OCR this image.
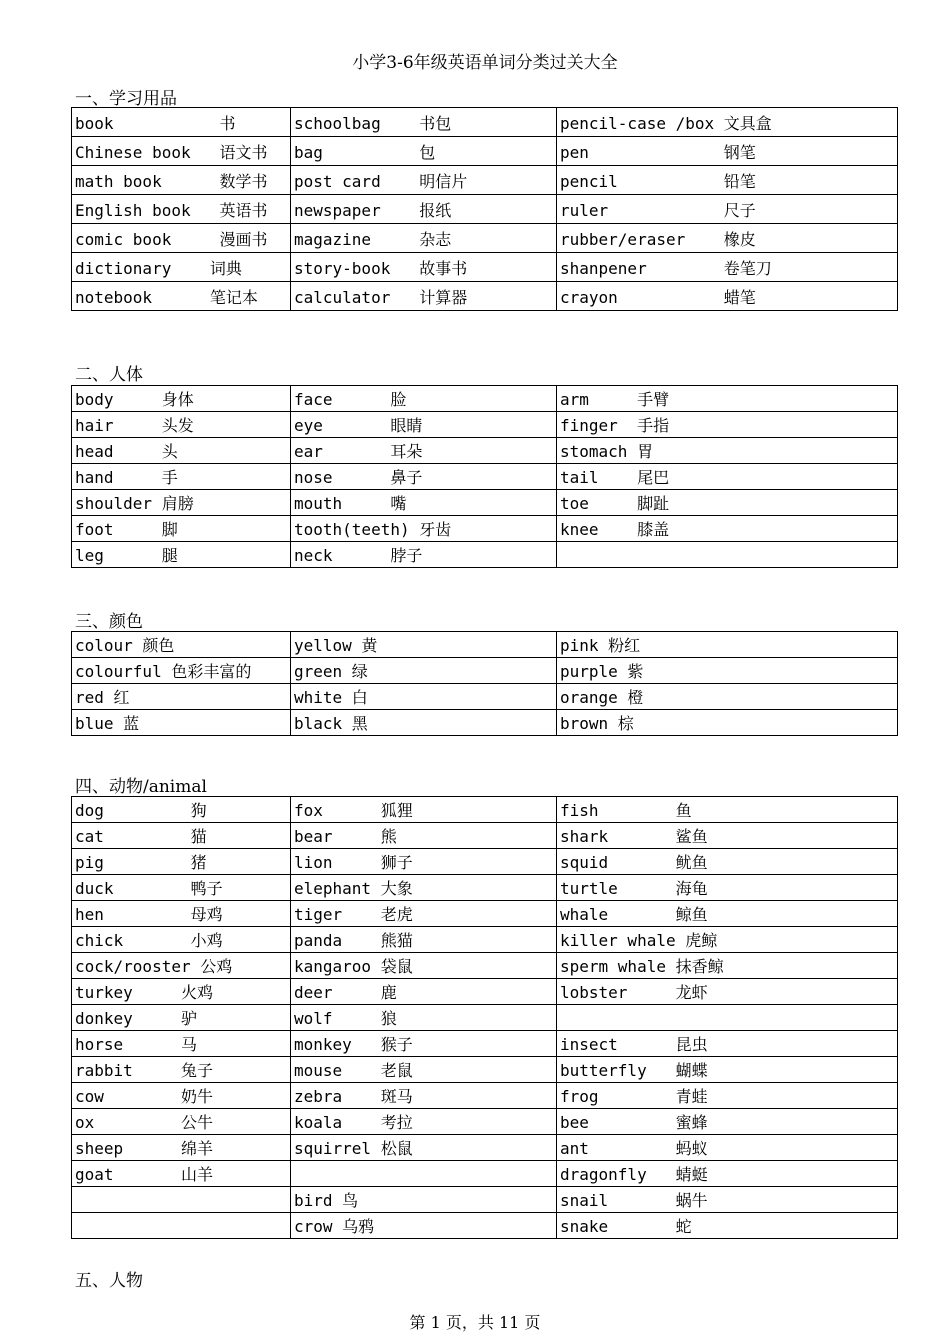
小学3-6年级英语单词分类过关大全
一、学习用品
book           书	schoolbag    书包	pencil-case /box 文具盒
Chinese book   语文书	bag          包	pen              钢笔
math book      数学书	post card    明信片	pencil           铅笔
English book   英语书	newspaper    报纸	ruler            尺子
comic book     漫画书	magazine     杂志	rubber/eraser    橡皮
dictionary    词典	story-book   故事书	shanpener        卷笔刀
notebook      笔记本	calculator   计算器	crayon           蜡笔
二、人体
body     身体	face      脸	arm     手臂
hair     头发	eye       眼睛	finger  手指
head     头	ear       耳朵	stomach 胃
hand     手	nose      鼻子	tail    尾巴
shoulder 肩膀	mouth     嘴	toe     脚趾
foot     脚	tooth(teeth) 牙齿	knee    膝盖
leg      腿	neck      脖子	
三、颜色
colour 颜色	yellow 黄	pink 粉红
colourful 色彩丰富的	green 绿	purple 紫
red 红	white 白	orange 橙
blue 蓝	black 黑	brown 棕
四、动物/animal
dog         狗	fox      狐狸	fish        鱼
cat         猫	bear     熊	shark       鲨鱼
pig         猪	lion     狮子	squid       鱿鱼
duck        鸭子	elephant 大象	turtle      海龟
hen         母鸡	tiger    老虎	whale       鲸鱼
chick       小鸡	panda    熊猫	killer whale 虎鲸
cock/rooster 公鸡	kangaroo 袋鼠	sperm whale 抹香鲸
turkey     火鸡	deer     鹿	lobster     龙虾
donkey     驴	wolf     狼	
horse      马	monkey   猴子	insect      昆虫
rabbit     兔子	mouse    老鼠	butterfly   蝴蝶
cow        奶牛	zebra    斑马	frog        青蛙
ox         公牛	koala    考拉	bee         蜜蜂
sheep      绵羊	squirrel 松鼠	ant         蚂蚁
goat       山羊		dragonfly   蜻蜓
	bird 鸟	snail       蜗牛
	crow 乌鸦	snake       蛇
五、人物
第 1 页，共 11 页
